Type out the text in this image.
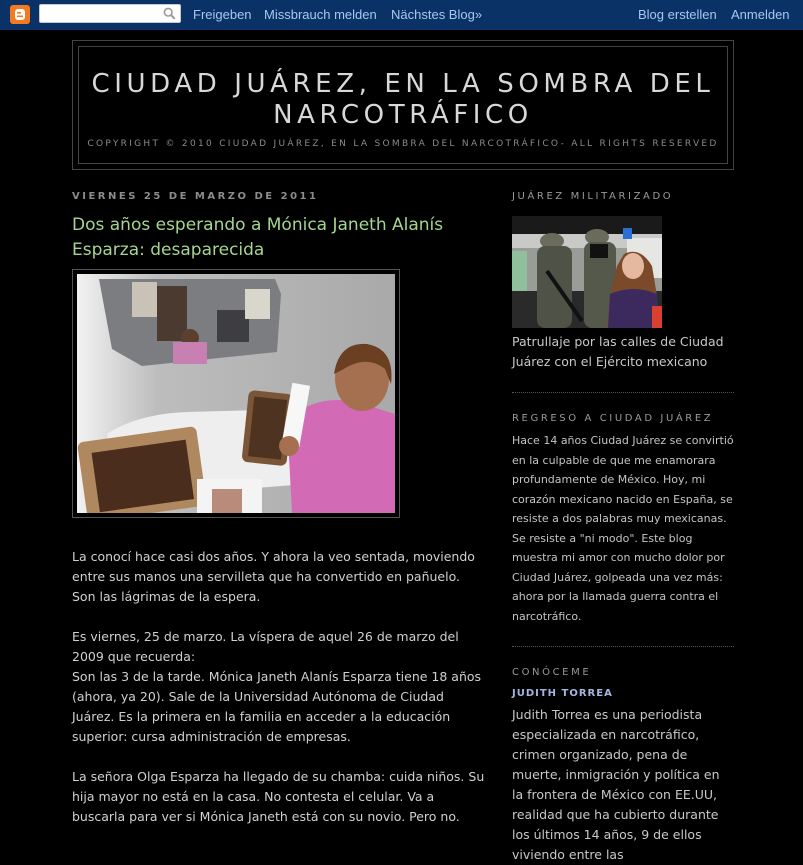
Freigeben Missbrauch melden Nächstes Blog»	Blog erstellen Anmelden
CIUDAD JUÁREZ, EN LA SOMBRA DEL NARCOTRÁFICO
COPYRIGHT © 2010 CIUDAD JUÁREZ, EN LA SOMBRA DEL NARCOTRÁFICO- ALL RIGHTS RESERVED
VIERNES 25 DE MARZO DE 2011
Dos años esperando a Mónica Janeth Alanís Esparza: desaparecida

La conocí hace casi dos años. Y ahora la veo sentada, moviendo entre sus manos una servilleta que ha convertido en pañuelo. Son las lágrimas de la espera.

Es viernes, 25 de marzo. La víspera de aquel 26 de marzo del 2009 que recuerda:

Son las 3 de la tarde. Mónica Janeth Alanís Esparza tiene 18 años (ahora, ya 20). Sale de la Universidad Autónoma de Ciudad Juárez. Es la primera en la familia en acceder a la educación superior: cursa administración de empresas.

La señora Olga Esparza ha llegado de su chamba: cuida niños. Su hija mayor no está en la casa. No contesta el celular. Va a buscarla para ver si Mónica Janeth está con su novio. Pero no.

JUÁREZ MILITARIZADO
Patrullaje por las calles de Ciudad Juárez con el Ejército mexicano
REGRESO A CIUDAD JUÁREZ
Hace 14 años Ciudad Juárez se convirtió en la culpable de que me enamorara profundamente de México. Hoy, mi corazón mexicano nacido en España, se resiste a dos palabras muy mexicanas. Se resiste a "ni modo". Este blog muestra mi amor con mucho dolor por Ciudad Juárez, golpeada una vez más: ahora por la llamada guerra contra el narcotráfico.
CONÓCEME
JUDITH TORREA
Judith Torrea es una periodista especializada en narcotráfico, crimen organizado, pena de muerte, inmigración y política en la frontera de México con EE.UU, realidad que ha cubierto durante los últimos 14 años, 9 de ellos viviendo entre las
